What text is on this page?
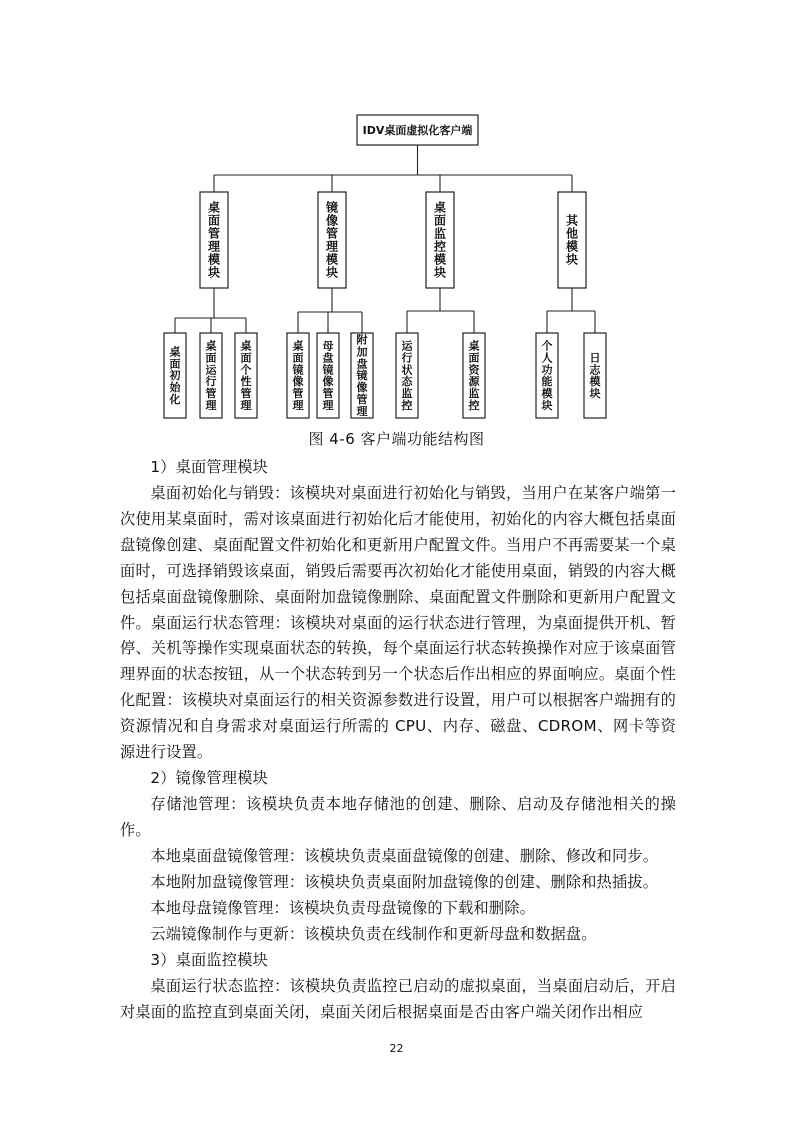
IDV桌面虚拟化客户端
桌面管理模块
桌面初始化
桌面运行管理
桌面个性管理
镜像管理模块
桌面镜像管理
母盘镜像管理
附加盘镜像管理
桌面监控模块
运行状态监控
桌面资源监控
其他模块
个人功能模块
日志模块
图 4-6 客户端功能结构图

1）桌面管理模块

桌面初始化与销毁：该模块对桌面进行初始化与销毁，当用户在某客户端第一次使用某桌面时，需对该桌面进行初始化后才能使用，初始化的内容大概包括桌面盘镜像创建、桌面配置文件初始化和更新用户配置文件。当用户不再需要某一个桌面时，可选择销毁该桌面，销毁后需要再次初始化才能使用桌面，销毁的内容大概包括桌面盘镜像删除、桌面附加盘镜像删除、桌面配置文件删除和更新用户配置文件。桌面运行状态管理：该模块对桌面的运行状态进行管理，为桌面提供开机、暂停、关机等操作实现桌面状态的转换，每个桌面运行状态转换操作对应于该桌面管理界面的状态按钮，从一个状态转到另一个状态后作出相应的界面响应。桌面个性化配置：该模块对桌面运行的相关资源参数进行设置，用户可以根据客户端拥有的资源情况和自身需求对桌面运行所需的 CPU、内存、磁盘、CDROM、网卡等资源进行设置。

2）镜像管理模块

存储池管理：该模块负责本地存储池的创建、删除、启动及存储池相关的操作。

本地桌面盘镜像管理：该模块负责桌面盘镜像的创建、删除、修改和同步。

本地附加盘镜像管理：该模块负责桌面附加盘镜像的创建、删除和热插拔。

本地母盘镜像管理：该模块负责母盘镜像的下载和删除。

云端镜像制作与更新：该模块负责在线制作和更新母盘和数据盘。

3）桌面监控模块

桌面运行状态监控：该模块负责监控已启动的虚拟桌面，当桌面启动后，开启对桌面的监控直到桌面关闭，桌面关闭后根据桌面是否由客户端关闭作出相应

22
